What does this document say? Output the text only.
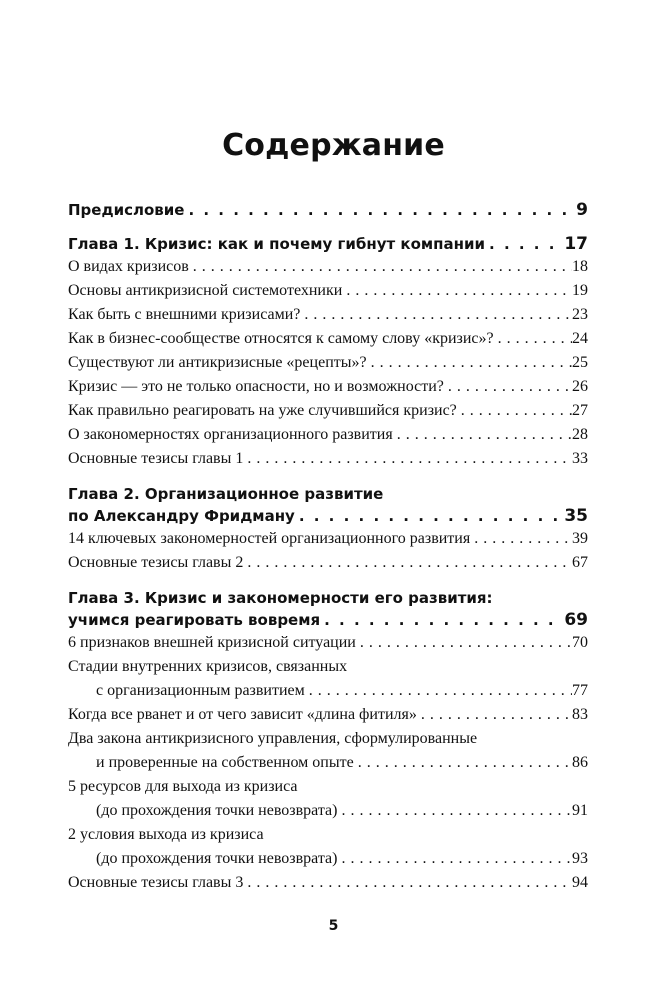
Содержание
Предисловие . . .	9
Глава 1. Кризис: как и почему гибнут компании . . .	17
О видах кризисов . . .	18
Основы антикризисной системотехники . . .	19
Как быть с внешними кризисами? . . .	23
Как в бизнес-сообществе относятся к самому слову «кризис»? . . .	24
Существуют ли антикризисные «рецепты»? . . .	25
Кризис — это не только опасности, но и возможности? . . .	26
Как правильно реагировать на уже случившийся кризис? . . .	27
О закономерностях организационного развития . . .	28
Основные тезисы главы 1 . . .	33
Глава 2. Организационное развитие
по Александру Фридману . . .	35
14 ключевых закономерностей организационного развития . . .	39
Основные тезисы главы 2 . . .	67
Глава 3. Кризис и закономерности его развития:
учимся реагировать вовремя . . .	69
6 признаков внешней кризисной ситуации . . .	70
Стадии внутренних кризисов, связанных
с организационным развитием . . .	77
Когда все рванет и от чего зависит «длина фитиля» . . .	83
Два закона антикризисного управления, сформулированные
и проверенные на собственном опыте . . .	86
5 ресурсов для выхода из кризиса
(до прохождения точки невозврата) . . .	91
2 условия выхода из кризиса
(до прохождения точки невозврата) . . .	93
Основные тезисы главы 3 . . .	94
5
